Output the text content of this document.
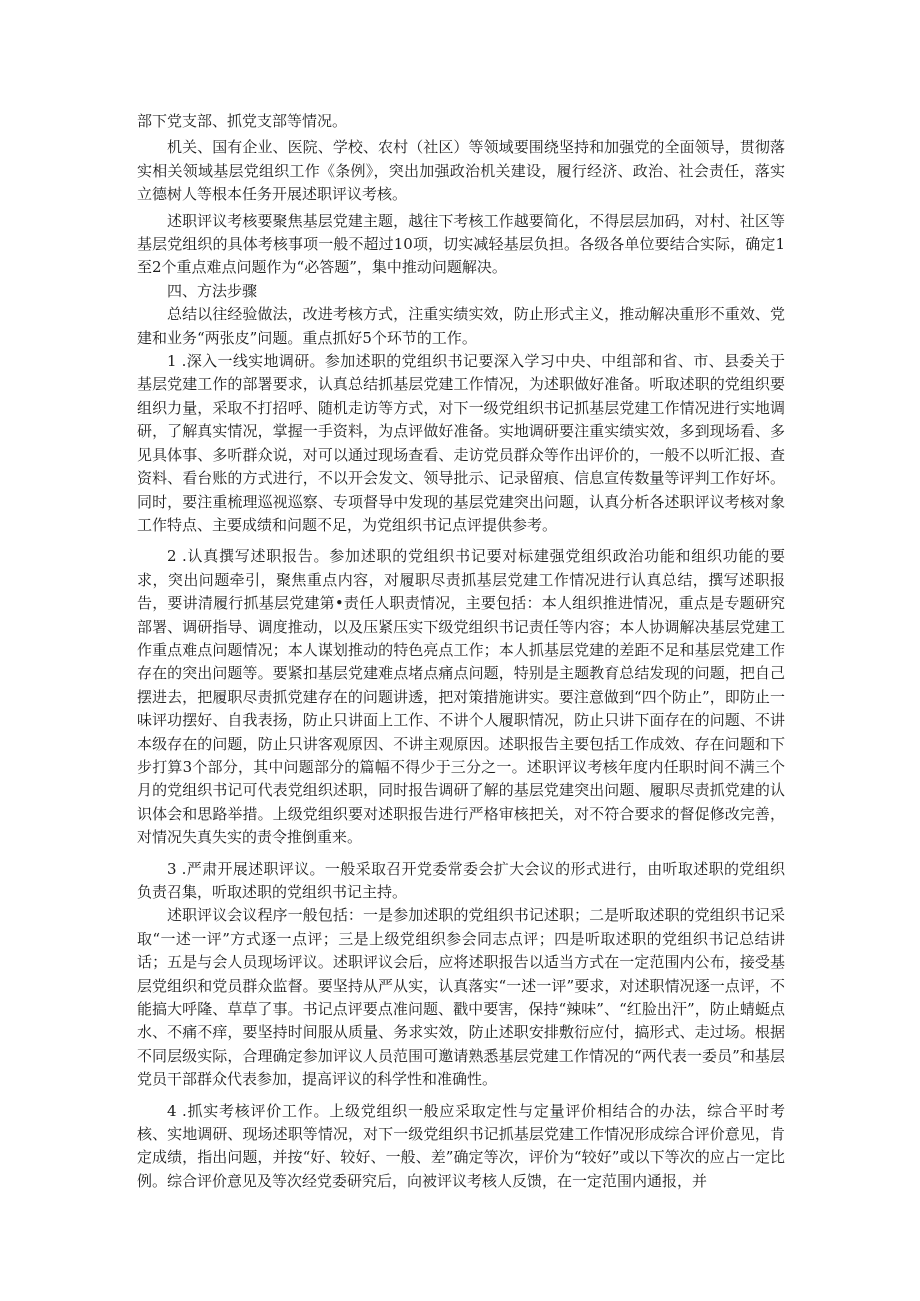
部下党支部、抓党支部等情况。

机关、国有企业、医院、学校、农村（社区）等领域要围绕坚持和加强党的全面领导，贯彻落实相关领域基层党组织工作《条例》，突出加强政治机关建设，履行经济、政治、社会责任，落实立德树人等根本任务开展述职评议考核。

述职评议考核要聚焦基层党建主题，越往下考核工作越要简化，不得层层加码，对村、社区等基层党组织的具体考核事项一般不超过10项，切实减轻基层负担。各级各单位要结合实际，确定1至2个重点难点问题作为“必答题”，集中推动问题解决。

四、方法步骤

总结以往经验做法，改进考核方式，注重实绩实效，防止形式主义，推动解决重形不重效、党建和业务“两张皮”问题。重点抓好5个环节的工作。

1 .深入一线实地调研。参加述职的党组织书记要深入学习中央、中组部和省、市、县委关于基层党建工作的部署要求，认真总结抓基层党建工作情况，为述职做好准备。听取述职的党组织要组织力量，采取不打招呼、随机走访等方式，对下一级党组织书记抓基层党建工作情况进行实地调研，了解真实情况，掌握一手资料，为点评做好准备。实地调研要注重实绩实效，多到现场看、多见具体事、多听群众说，对可以通过现场查看、走访党员群众等作出评价的，一般不以听汇报、查资料、看台账的方式进行，不以开会发文、领导批示、记录留痕、信息宣传数量等评判工作好坏。同时，要注重梳理巡视巡察、专项督导中发现的基层党建突出问题，认真分析各述职评议考核对象工作特点、主要成绩和问题不足，为党组织书记点评提供参考。

2 .认真撰写述职报告。参加述职的党组织书记要对标建强党组织政治功能和组织功能的要求，突出问题牵引，聚焦重点内容，对履职尽责抓基层党建工作情况进行认真总结，撰写述职报告，要讲清履行抓基层党建第•责任人职责情况，主要包括：本人组织推进情况，重点是专题研究部署、调研指导、调度推动，以及压紧压实下级党组织书记责任等内容；本人协调解决基层党建工作重点难点问题情况；本人谋划推动的特色亮点工作；本人抓基层党建的差距不足和基层党建工作存在的突出问题等。要紧扣基层党建难点堵点痛点问题，特别是主题教育总结发现的问题，把自己摆进去，把履职尽责抓党建存在的问题讲透，把对策措施讲实。要注意做到“四个防止”，即防止一味评功摆好、自我表扬，防止只讲面上工作、不讲个人履职情况，防止只讲下面存在的问题、不讲本级存在的问题，防止只讲客观原因、不讲主观原因。述职报告主要包括工作成效、存在问题和下步打算3个部分，其中问题部分的篇幅不得少于三分之一。述职评议考核年度内任职时间不满三个月的党组织书记可代表党组织述职，同时报告调研了解的基层党建突出问题、履职尽责抓党建的认识体会和思路举措。上级党组织要对述职报告进行严格审核把关，对不符合要求的督促修改完善，对情况失真失实的责令推倒重来。

3 .严肃开展述职评议。一般采取召开党委常委会扩大会议的形式进行，由听取述职的党组织负责召集，听取述职的党组织书记主持。

述职评议会议程序一般包括：一是参加述职的党组织书记述职；二是听取述职的党组织书记采取“一述一评”方式逐一点评；三是上级党组织参会同志点评；四是听取述职的党组织书记总结讲话；五是与会人员现场评议。述职评议会后，应将述职报告以适当方式在一定范围内公布，接受基层党组织和党员群众监督。要坚持从严从实，认真落实“一述一评”要求，对述职情况逐一点评，不能搞大呼隆、草草了事。书记点评要点准问题、戳中要害，保持“辣味”、“红脸出汗”，防止蜻蜓点水、不痛不痒，要坚持时间服从质量、务求实效，防止述职安排敷衍应付，搞形式、走过场。根据不同层级实际，合理确定参加评议人员范围可邀请熟悉基层党建工作情况的“两代表一委员”和基层党员干部群众代表参加，提高评议的科学性和准确性。

4 .抓实考核评价工作。上级党组织一般应采取定性与定量评价相结合的办法，综合平时考核、实地调研、现场述职等情况，对下一级党组织书记抓基层党建工作情况形成综合评价意见，肯定成绩，指出问题，并按“好、较好、一般、差”确定等次，评价为“较好”或以下等次的应占一定比例。综合评价意见及等次经党委研究后，向被评议考核人反馈，在一定范围内通报，并
